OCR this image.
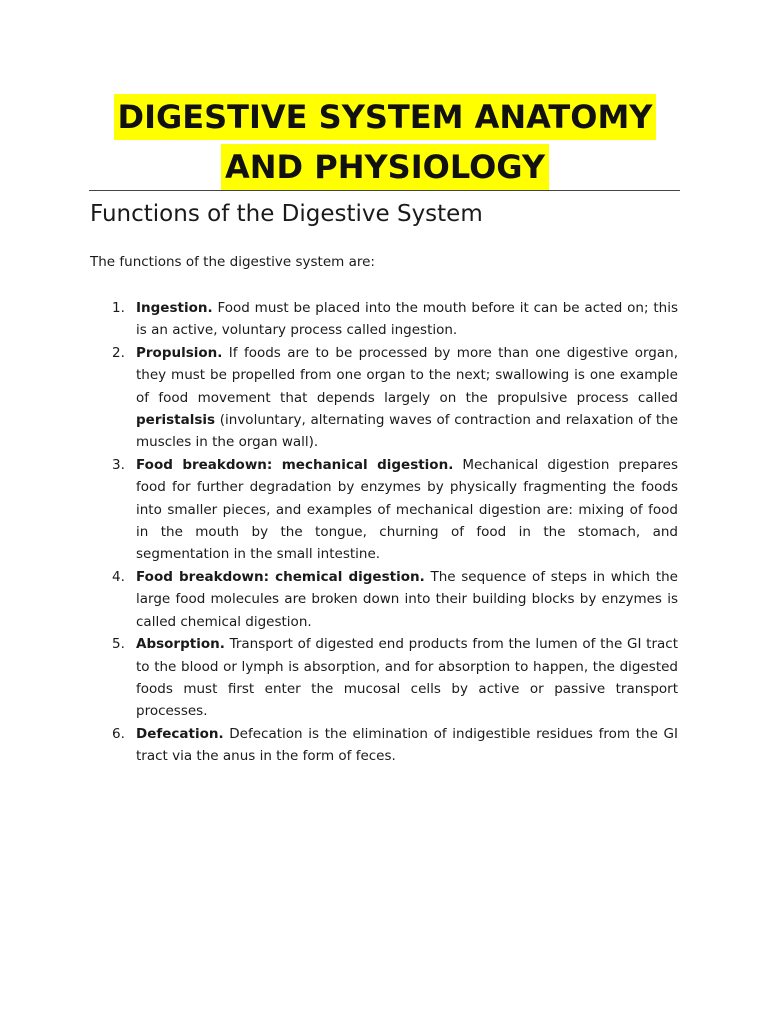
DIGESTIVE SYSTEM ANATOMY
AND PHYSIOLOGY
Functions of the Digestive System
The functions of the digestive system are:
1. Ingestion. Food must be placed into the mouth before it can be acted on; this is an active, voluntary process called ingestion.
2. Propulsion. If foods are to be processed by more than one digestive organ, they must be propelled from one organ to the next; swallowing is one example of food movement that depends largely on the propulsive process called peristalsis (involuntary, alternating waves of contraction and relaxation of the muscles in the organ wall).
3. Food breakdown: mechanical digestion. Mechanical digestion prepares food for further degradation by enzymes by physically fragmenting the foods into smaller pieces, and examples of mechanical digestion are: mixing of food in the mouth by the tongue, churning of food in the stomach, and segmentation in the small intestine.
4. Food breakdown: chemical digestion. The sequence of steps in which the large food molecules are broken down into their building blocks by enzymes is called chemical digestion.
5. Absorption. Transport of digested end products from the lumen of the GI tract to the blood or lymph is absorption, and for absorption to happen, the digested foods must first enter the mucosal cells by active or passive transport processes.
6. Defecation. Defecation is the elimination of indigestible residues from the GI tract via the anus in the form of feces.
